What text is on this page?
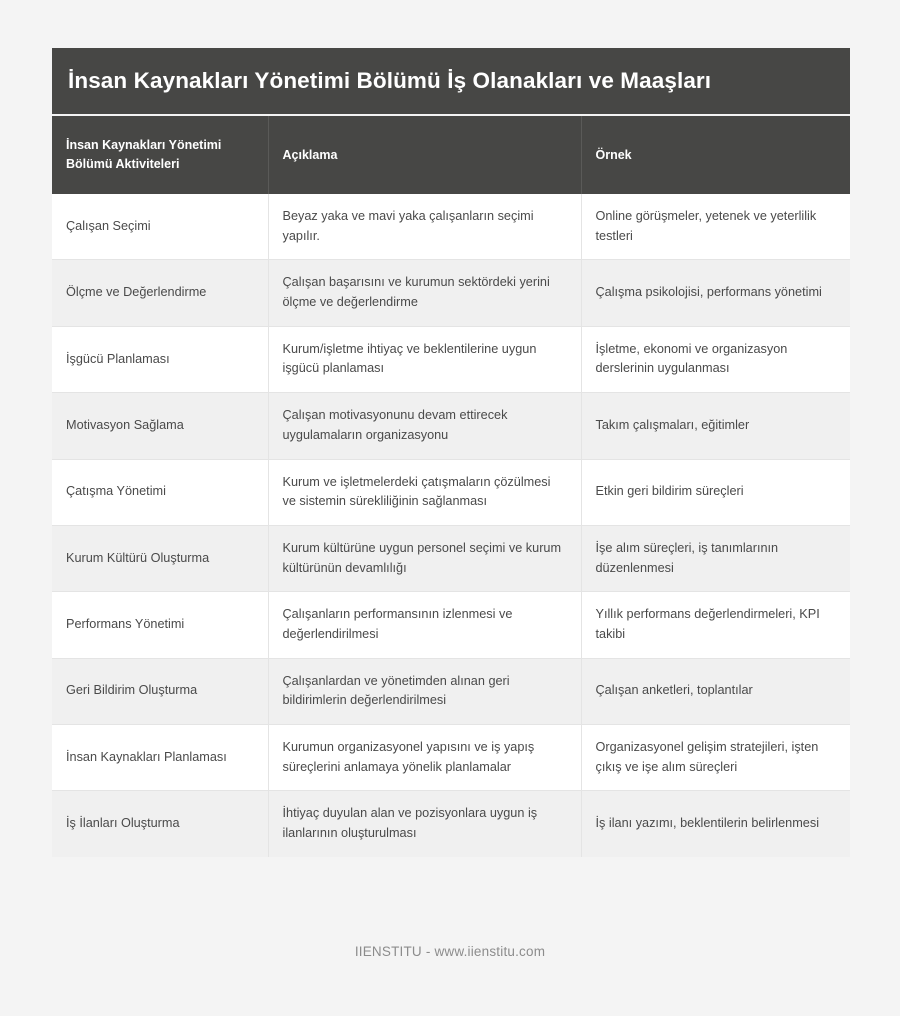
İnsan Kaynakları Yönetimi Bölümü İş Olanakları ve Maaşları
İnsan Kaynakları Yönetimi Bölümü Aktiviteleri	Açıklama	Örnek
Çalışan Seçimi	Beyaz yaka ve mavi yaka çalışanların seçimi yapılır.	Online görüşmeler, yetenek ve yeterlilik testleri
Ölçme ve Değerlendirme	Çalışan başarısını ve kurumun sektördeki yerini ölçme ve değerlendirme	Çalışma psikolojisi, performans yönetimi
İşgücü Planlaması	Kurum/işletme ihtiyaç ve beklentilerine uygun işgücü planlaması	İşletme, ekonomi ve organizasyon derslerinin uygulanması
Motivasyon Sağlama	Çalışan motivasyonunu devam ettirecek uygulamaların organizasyonu	Takım çalışmaları, eğitimler
Çatışma Yönetimi	Kurum ve işletmelerdeki çatışmaların çözülmesi ve sistemin sürekliliğinin sağlanması	Etkin geri bildirim süreçleri
Kurum Kültürü Oluşturma	Kurum kültürüne uygun personel seçimi ve kurum kültürünün devamlılığı	İşe alım süreçleri, iş tanımlarının düzenlenmesi
Performans Yönetimi	Çalışanların performansının izlenmesi ve değerlendirilmesi	Yıllık performans değerlendirmeleri, KPI takibi
Geri Bildirim Oluşturma	Çalışanlardan ve yönetimden alınan geri bildirimlerin değerlendirilmesi	Çalışan anketleri, toplantılar
İnsan Kaynakları Planlaması	Kurumun organizasyonel yapısını ve iş yapış süreçlerini anlamaya yönelik planlamalar	Organizasyonel gelişim stratejileri, işten çıkış ve işe alım süreçleri
İş İlanları Oluşturma	İhtiyaç duyulan alan ve pozisyonlara uygun iş ilanlarının oluşturulması	İş ilanı yazımı, beklentilerin belirlenmesi
IIENSTITU - www.iienstitu.com
